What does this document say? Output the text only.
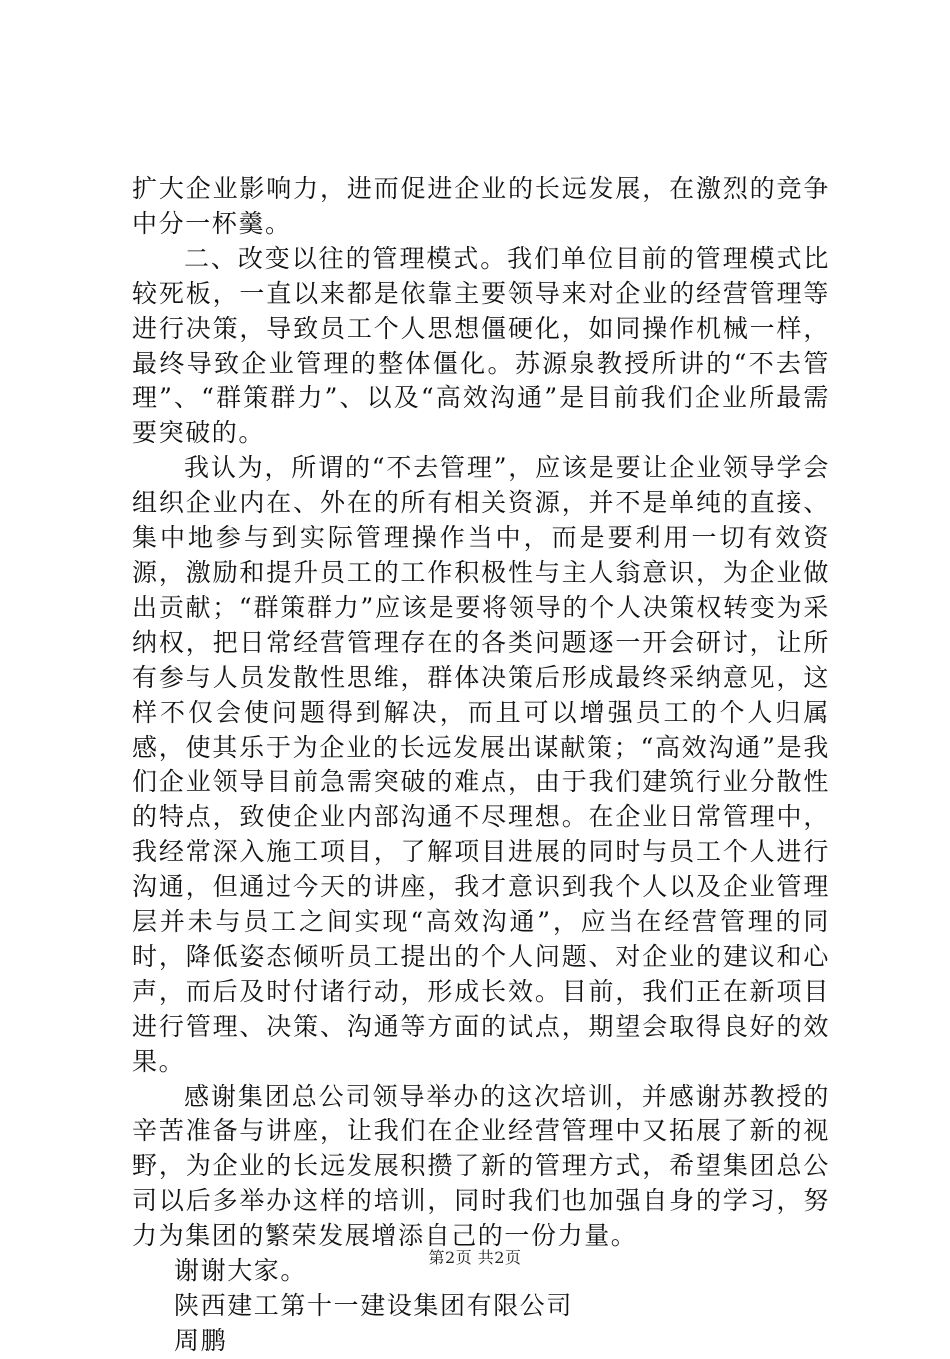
扩大企业影响力，进而促进企业的长远发展，在激烈的竞争中分一杯羹。

二、改变以往的管理模式。我们单位目前的管理模式比较死板，一直以来都是依靠主要领导来对企业的经营管理等进行决策，导致员工个人思想僵硬化，如同操作机械一样，最终导致企业管理的整体僵化。苏源泉教授所讲的“不去管理”、“群策群力”、以及“高效沟通”是目前我们企业所最需要突破的。

我认为，所谓的“不去管理”，应该是要让企业领导学会组织企业内在、外在的所有相关资源，并不是单纯的直接、集中地参与到实际管理操作当中，而是要利用一切有效资源，激励和提升员工的工作积极性与主人翁意识，为企业做出贡献；“群策群力”应该是要将领导的个人决策权转变为采纳权，把日常经营管理存在的各类问题逐一开会研讨，让所有参与人员发散性思维，群体决策后形成最终采纳意见，这样不仅会使问题得到解决，而且可以增强员工的个人归属感，使其乐于为企业的长远发展出谋献策；“高效沟通”是我们企业领导目前急需突破的难点，由于我们建筑行业分散性的特点，致使企业内部沟通不尽理想。在企业日常管理中，我经常深入施工项目，了解项目进展的同时与员工个人进行沟通，但通过今天的讲座，我才意识到我个人以及企业管理层并未与员工之间实现“高效沟通”，应当在经营管理的同时，降低姿态倾听员工提出的个人问题、对企业的建议和心声，而后及时付诸行动，形成长效。目前，我们正在新项目进行管理、决策、沟通等方面的试点，期望会取得良好的效果。

感谢集团总公司领导举办的这次培训，并感谢苏教授的辛苦准备与讲座，让我们在企业经营管理中又拓展了新的视野，为企业的长远发展积攒了新的管理方式，希望集团总公司以后多举办这样的培训，同时我们也加强自身的学习，努力为集团的繁荣发展增添自己的一份力量。

谢谢大家。

陕西建工第十一建设集团有限公司

周鹏

第2页 共2页
